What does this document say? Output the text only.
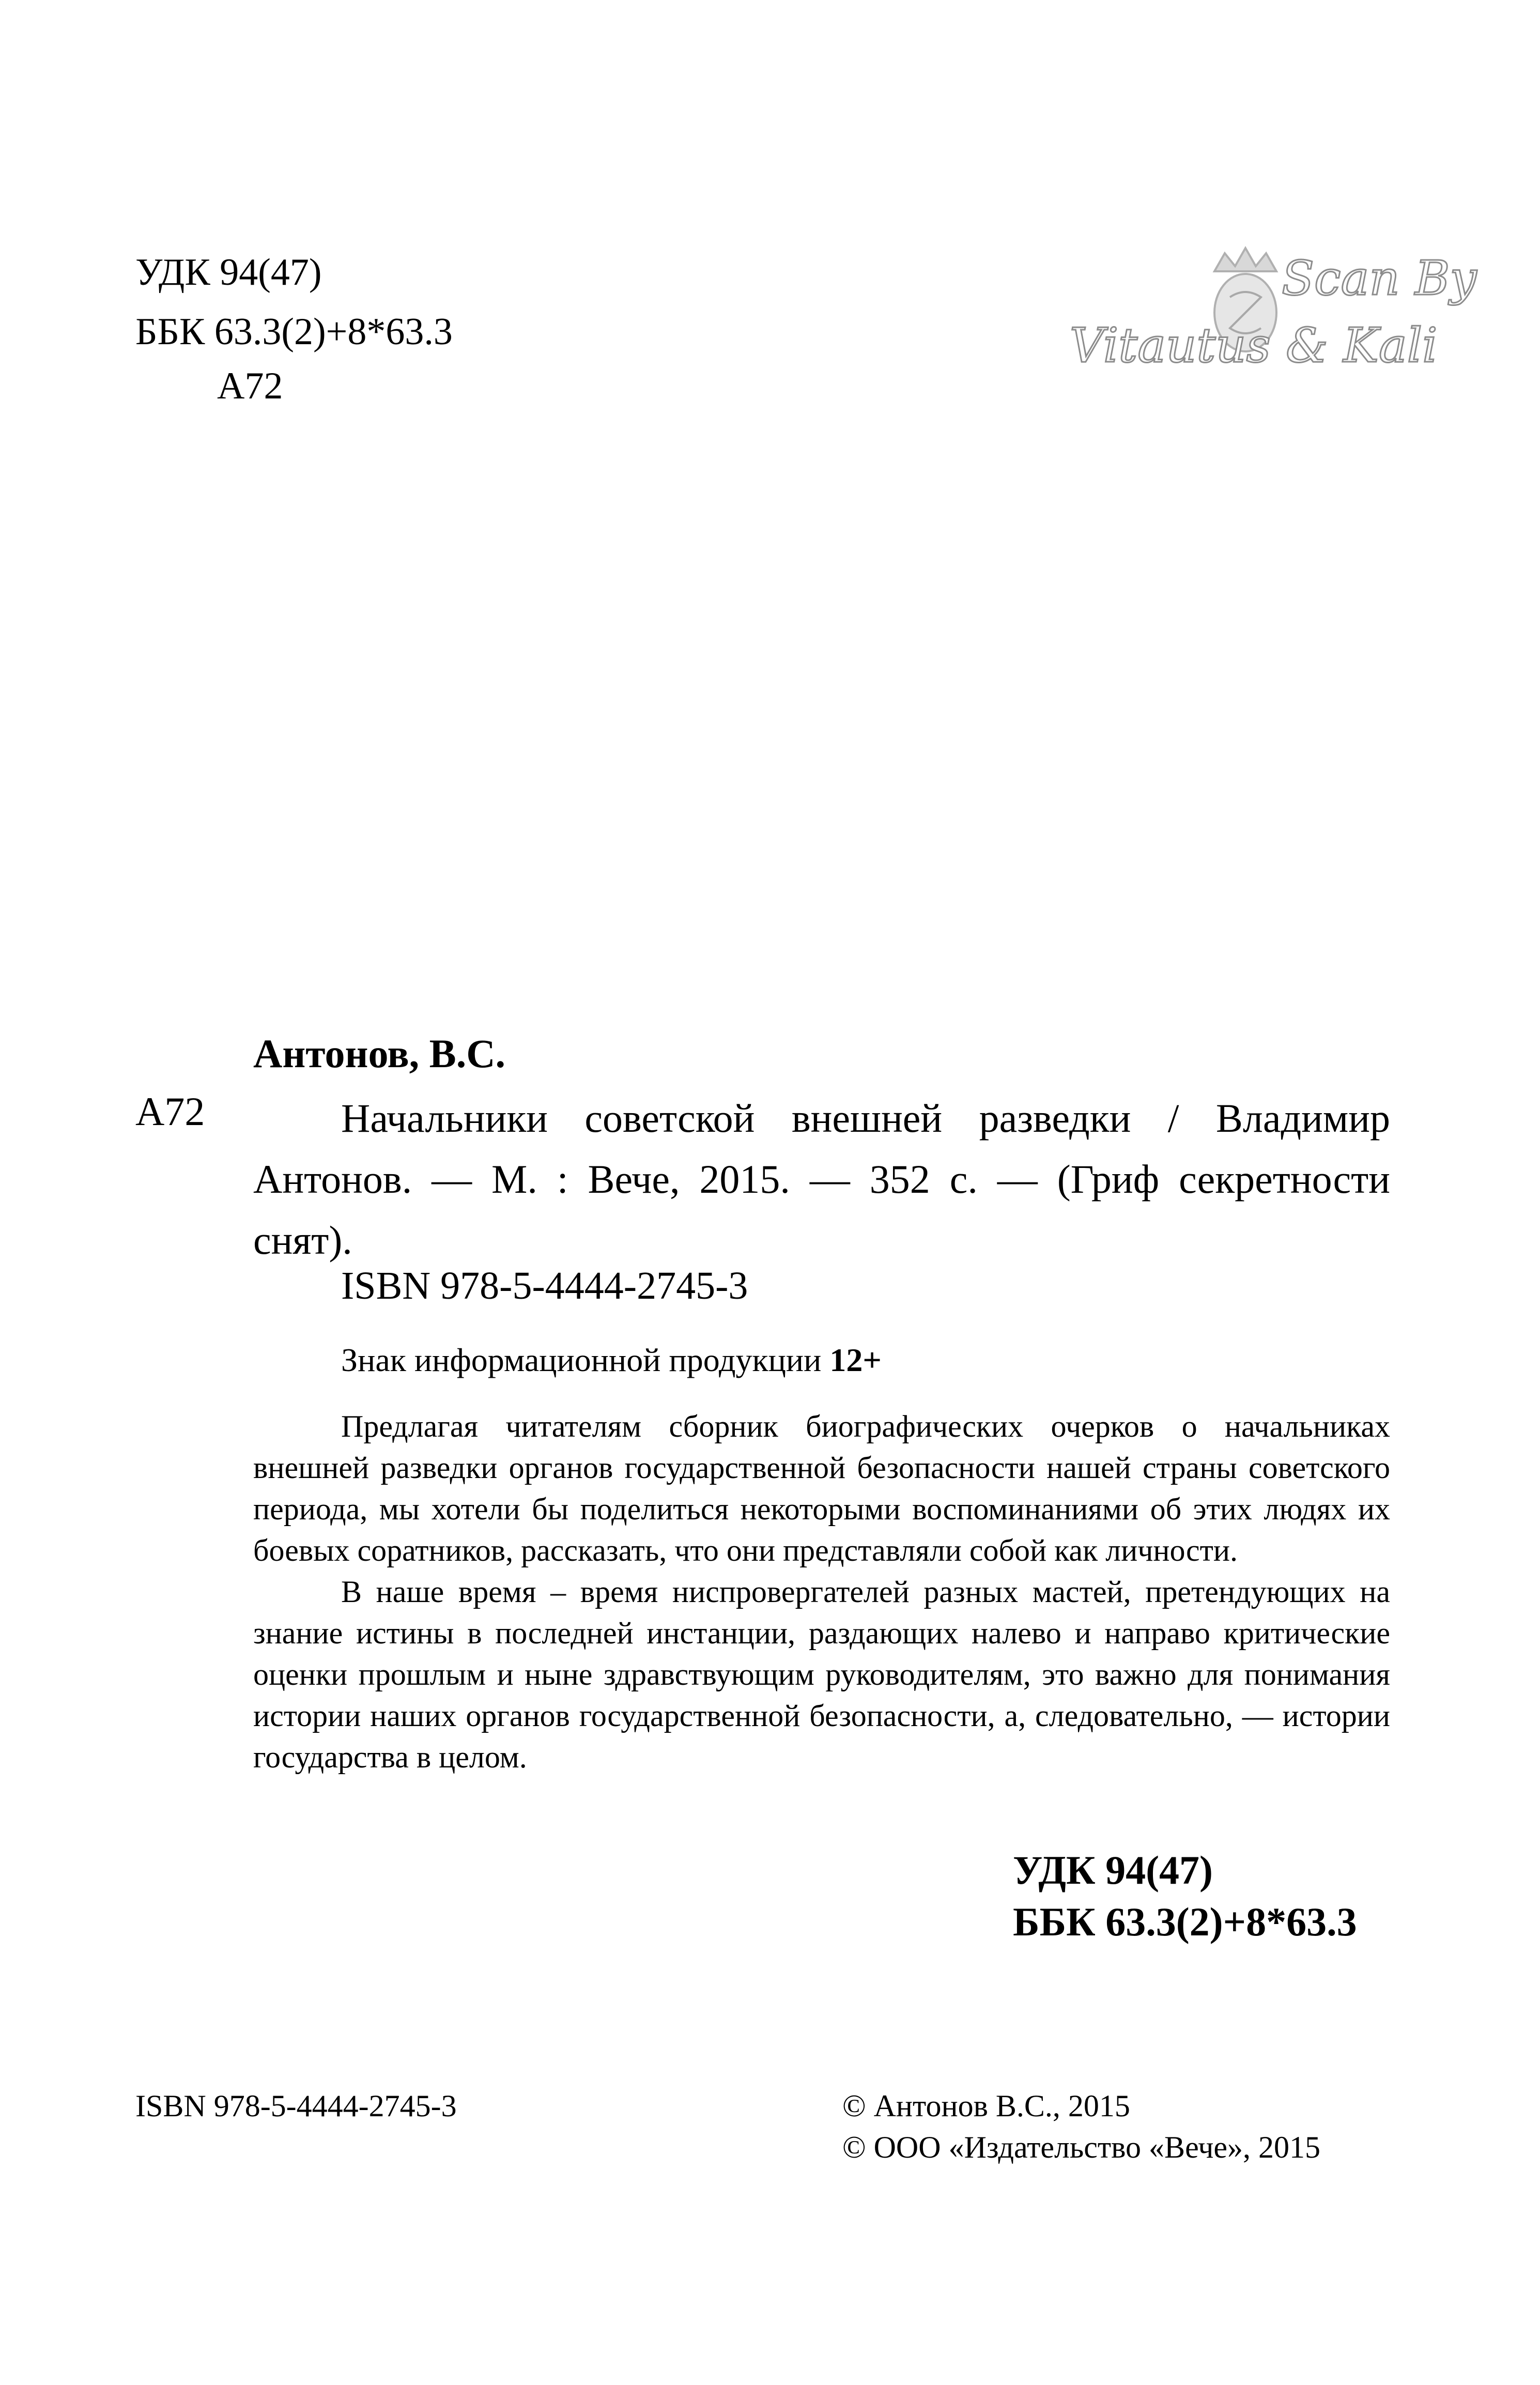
УДК 94(47)
ББК 63.3(2)+8*63.3
А72
Scan By
Vitautus & Kali
Антонов, В.С.
А72	Начальники советской внешней разведки / Владимир Антонов. — М. : Вече, 2015. — 352 с. — (Гриф секретности снят).
ISBN 978-5-4444-2745-3
Знак информационной продукции 12+

Предлагая читателям сборник биографических очерков о начальниках внешней разведки органов государственной безопасности нашей страны советского периода, мы хотели бы поделиться некоторыми воспоминаниями об этих людях их боевых соратников, рассказать, что они представляли собой как личности.

В наше время – время ниспровергателей разных мастей, претендующих на знание истины в последней инстанции, раздающих налево и направо критические оценки прошлым и ныне здравствующим руководителям, это важно для понимания истории наших органов государственной безопасности, а, следовательно, — истории государства в целом.

УДК 94(47)
ББК 63.3(2)+8*63.3
ISBN 978-5-4444-2745-3	© Антонов В.С., 2015
© ООО «Издательство «Вече», 2015
